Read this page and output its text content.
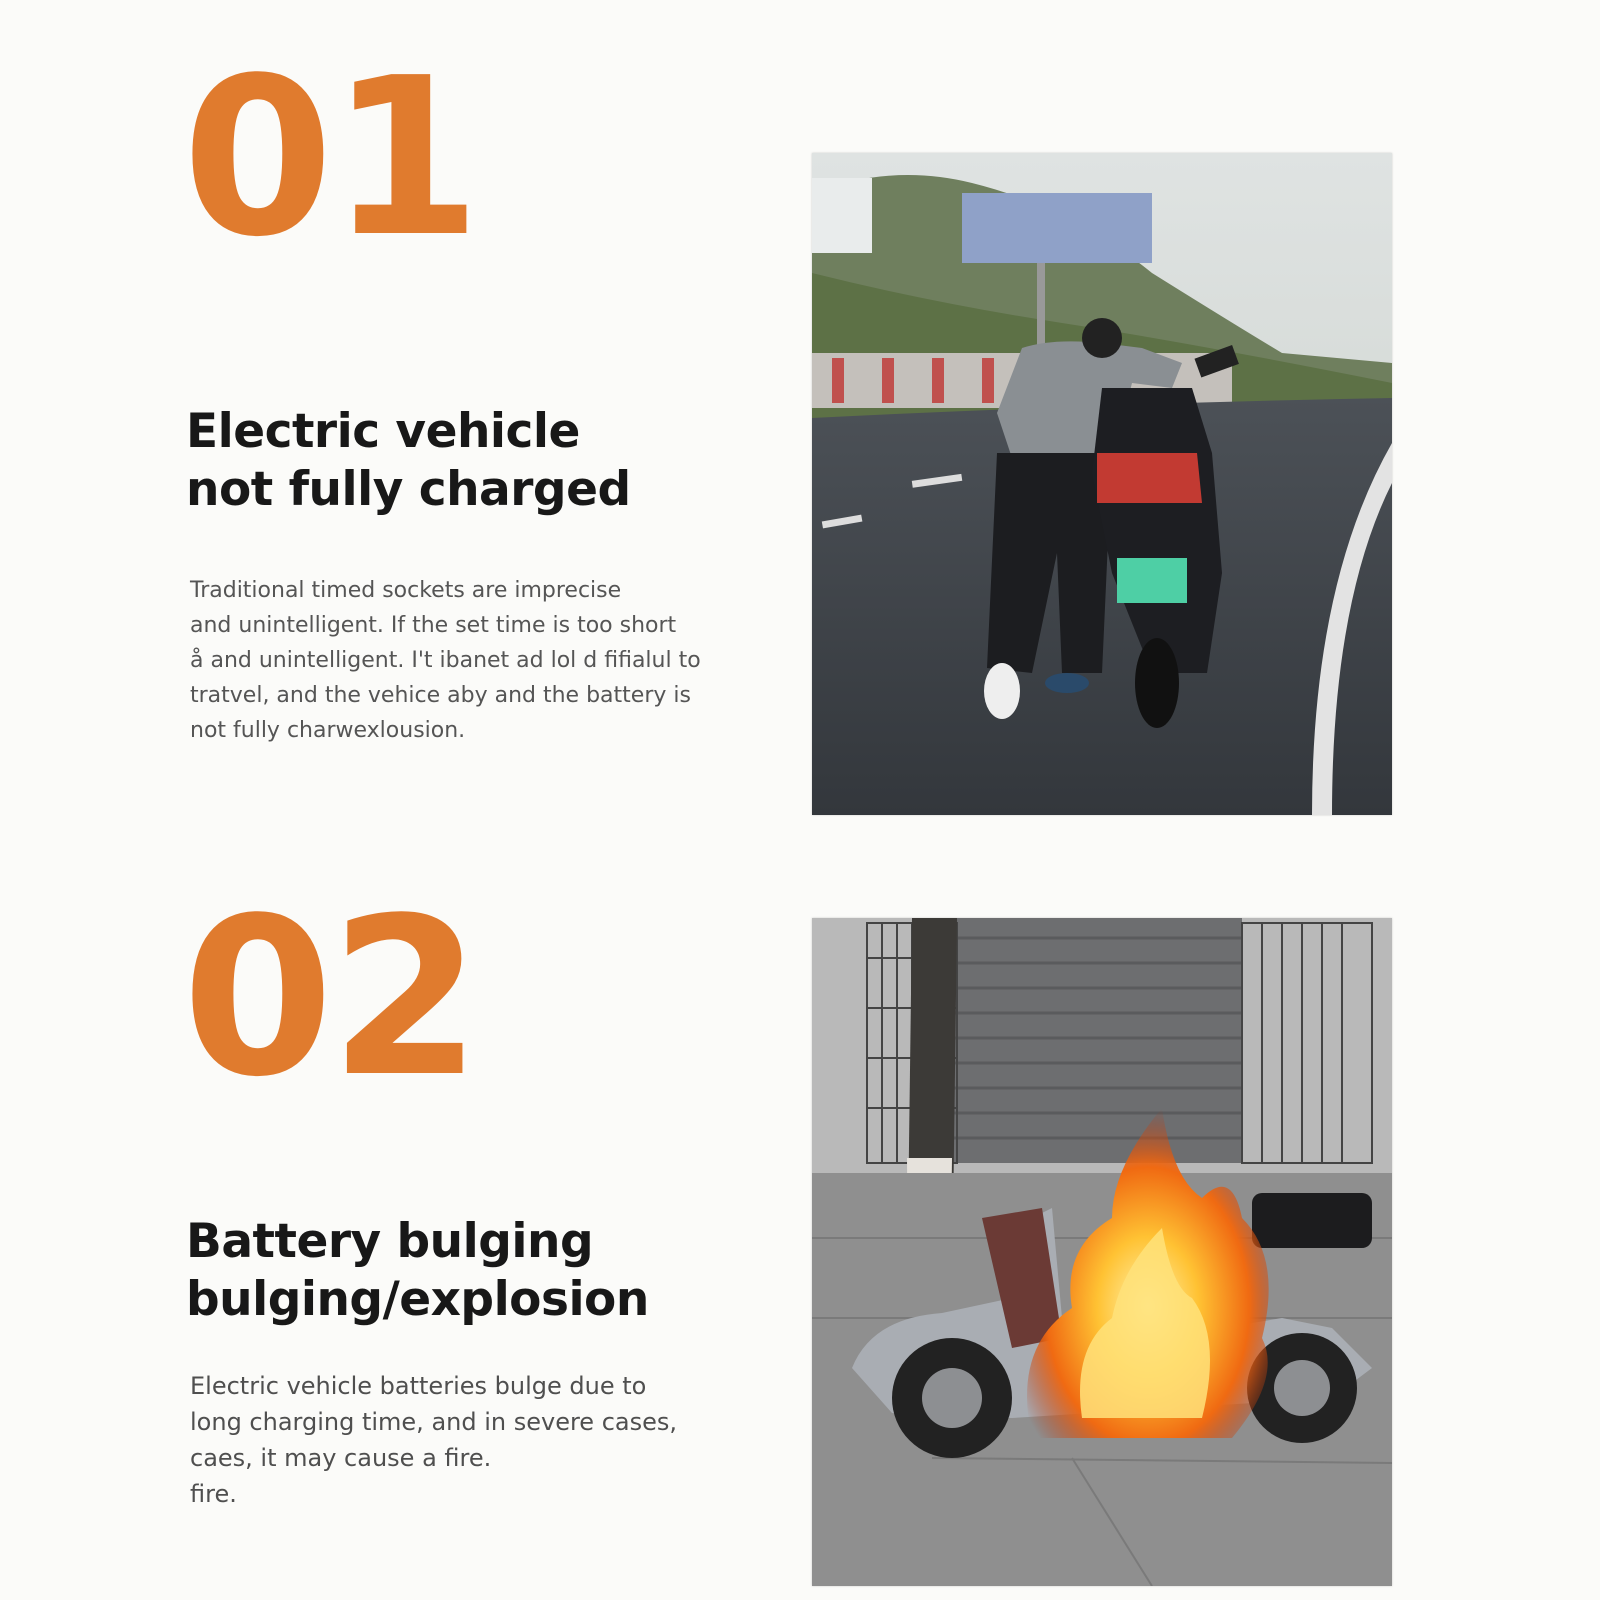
01
Electric vehicle
not fully charged

Traditional timed sockets are imprecise
and unintelligent. If the set time is too short
å and unintelligent. I't ibanet ad lol d fifialul to
tratvel, and the vehice aby and the battery is
not fully charwexlousion.

02
Battery bulging
bulging/explosion

Electric vehicle batteries bulge due to
long charging time, and in severe cases,
caes, it may cause a fire.
fire.
